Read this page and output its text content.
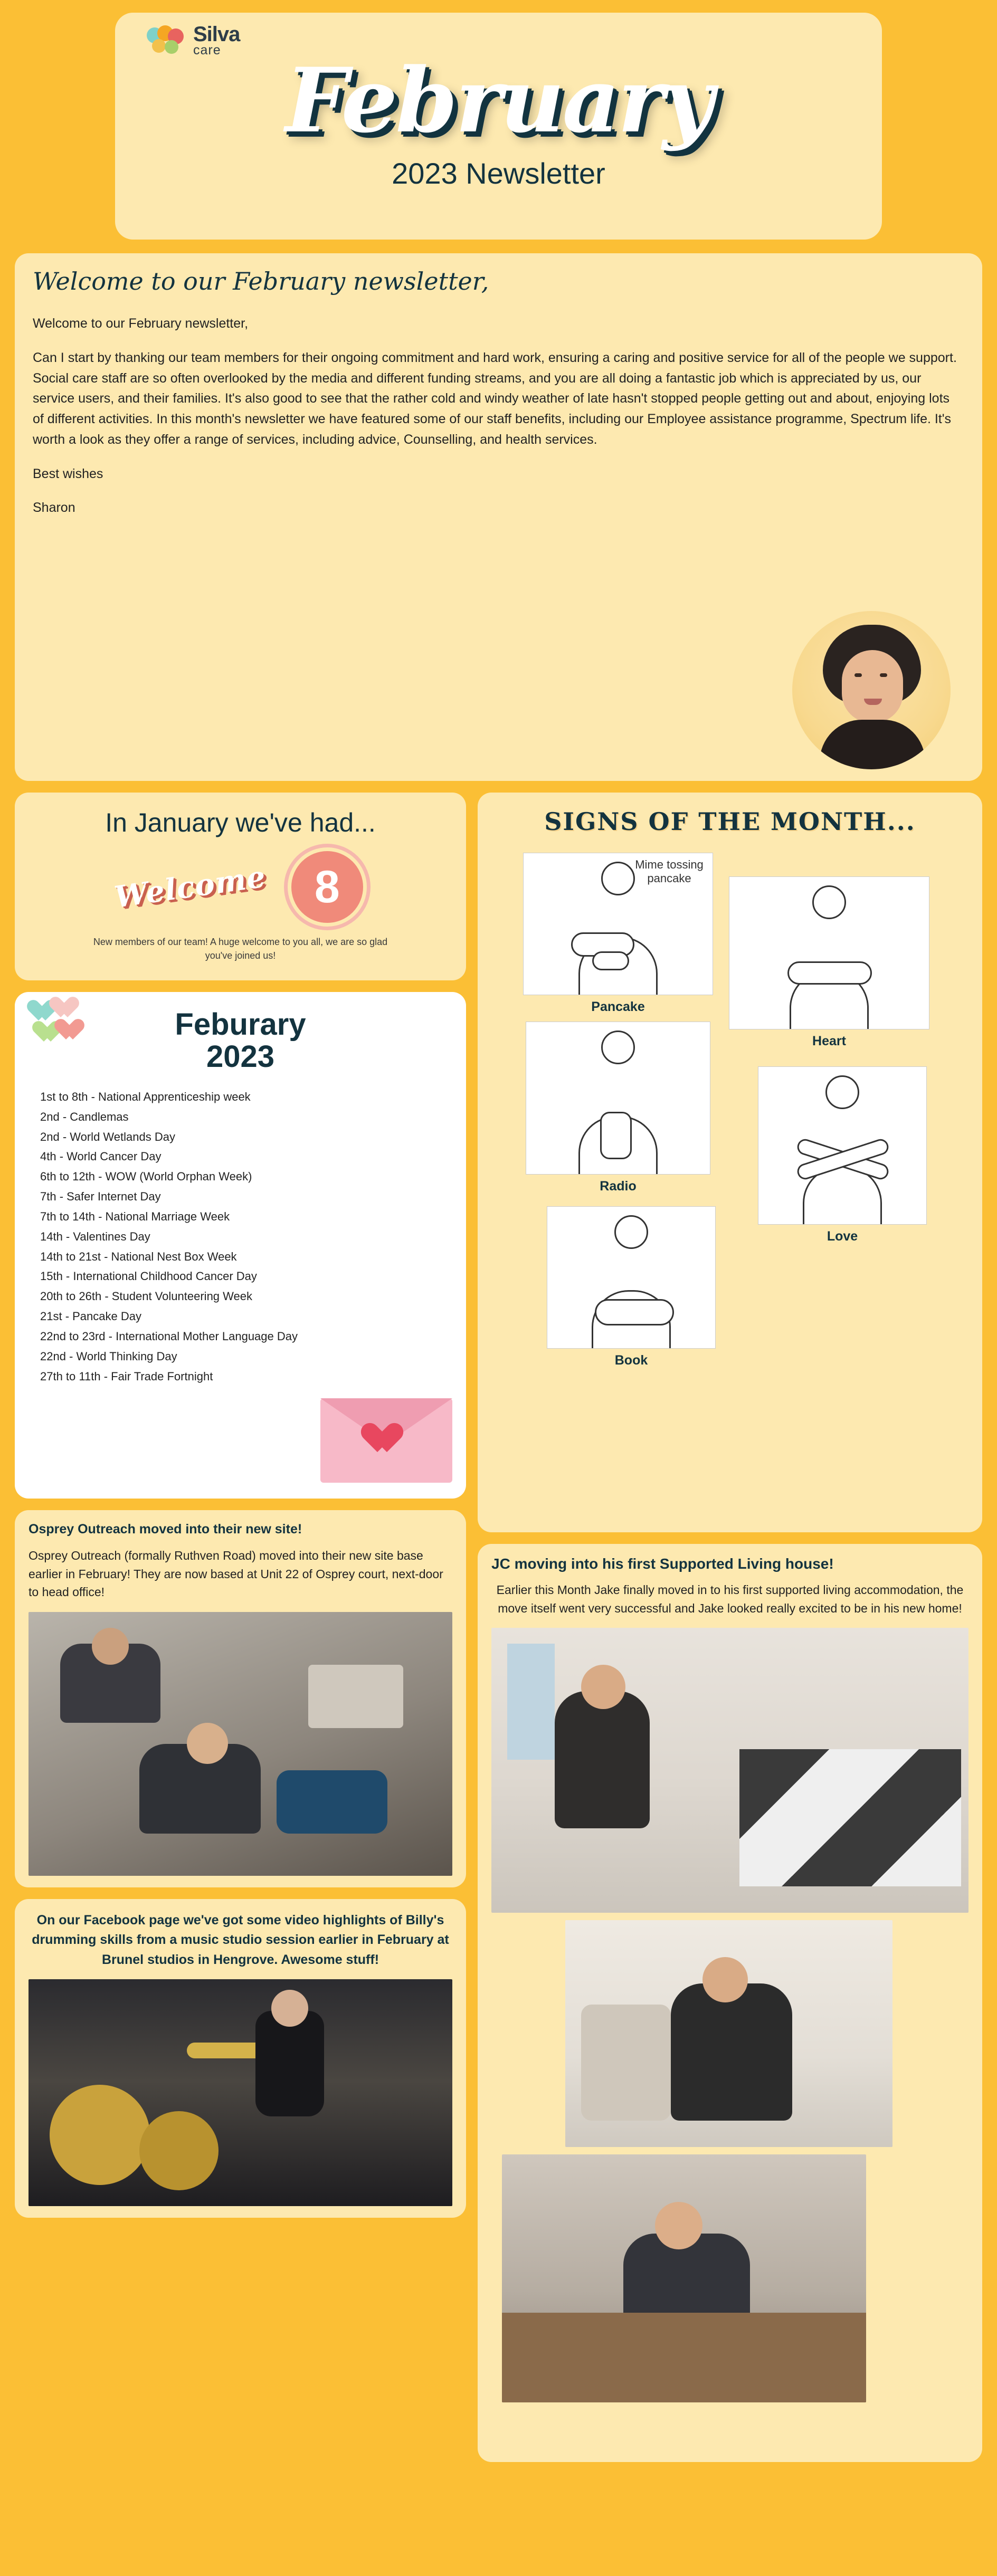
Silva
care February
2023 Newsletter
Welcome to our February newsletter,

Welcome to our February newsletter,

Can I start by thanking our team members for their ongoing commitment and hard work, ensuring a caring and positive service for all of the people we support. Social care staff are so often overlooked by the media and different funding streams, and you are all doing a fantastic job which is appreciated by us, our service users, and their families. It's also good to see that the rather cold and windy weather of late hasn't stopped people getting out and about, enjoying lots of different activities. In this month's newsletter we have featured some of our staff benefits, including our Employee assistance programme, Spectrum life. It's worth a look as they offer a range of services, including advice, Counselling, and health services.

Best wishes

Sharon

In January we've had...
Welcome	8
New members of our team! A huge welcome to you all, we are so glad you've joined us!
Feburary
2023
1st to 8th - National Apprenticeship week
2nd - Candlemas
2nd - World Wetlands Day
4th - World Cancer Day
6th to 12th - WOW (World Orphan Week)
7th - Safer Internet Day
7th to 14th - National Marriage Week
14th - Valentines Day
14th to 21st - National Nest Box Week
15th - International Childhood Cancer Day
20th to 26th - Student Volunteering Week
21st - Pancake Day
22nd to 23rd - International Mother Language Day
22nd - World Thinking Day
27th to 11th - Fair Trade Fortnight
Osprey Outreach moved into their new site!
Osprey Outreach (formally Ruthven Road) moved into their new site base earlier in February! They are now based at Unit 22 of Osprey court, next-door to head office!
On our Facebook page we've got some video highlights of Billy's drumming skills from a music studio session earlier in February at Brunel studios in Hengrove. Awesome stuff!
SIGNS OF THE MONTH...
Mime tossing pancake
Pancake
Heart
Radio
Love
Book
JC moving into his first Supported Living house!
Earlier this Month Jake finally moved in to his first supported living accommodation, the move itself went very successful and Jake looked really excited to be in his new home!
